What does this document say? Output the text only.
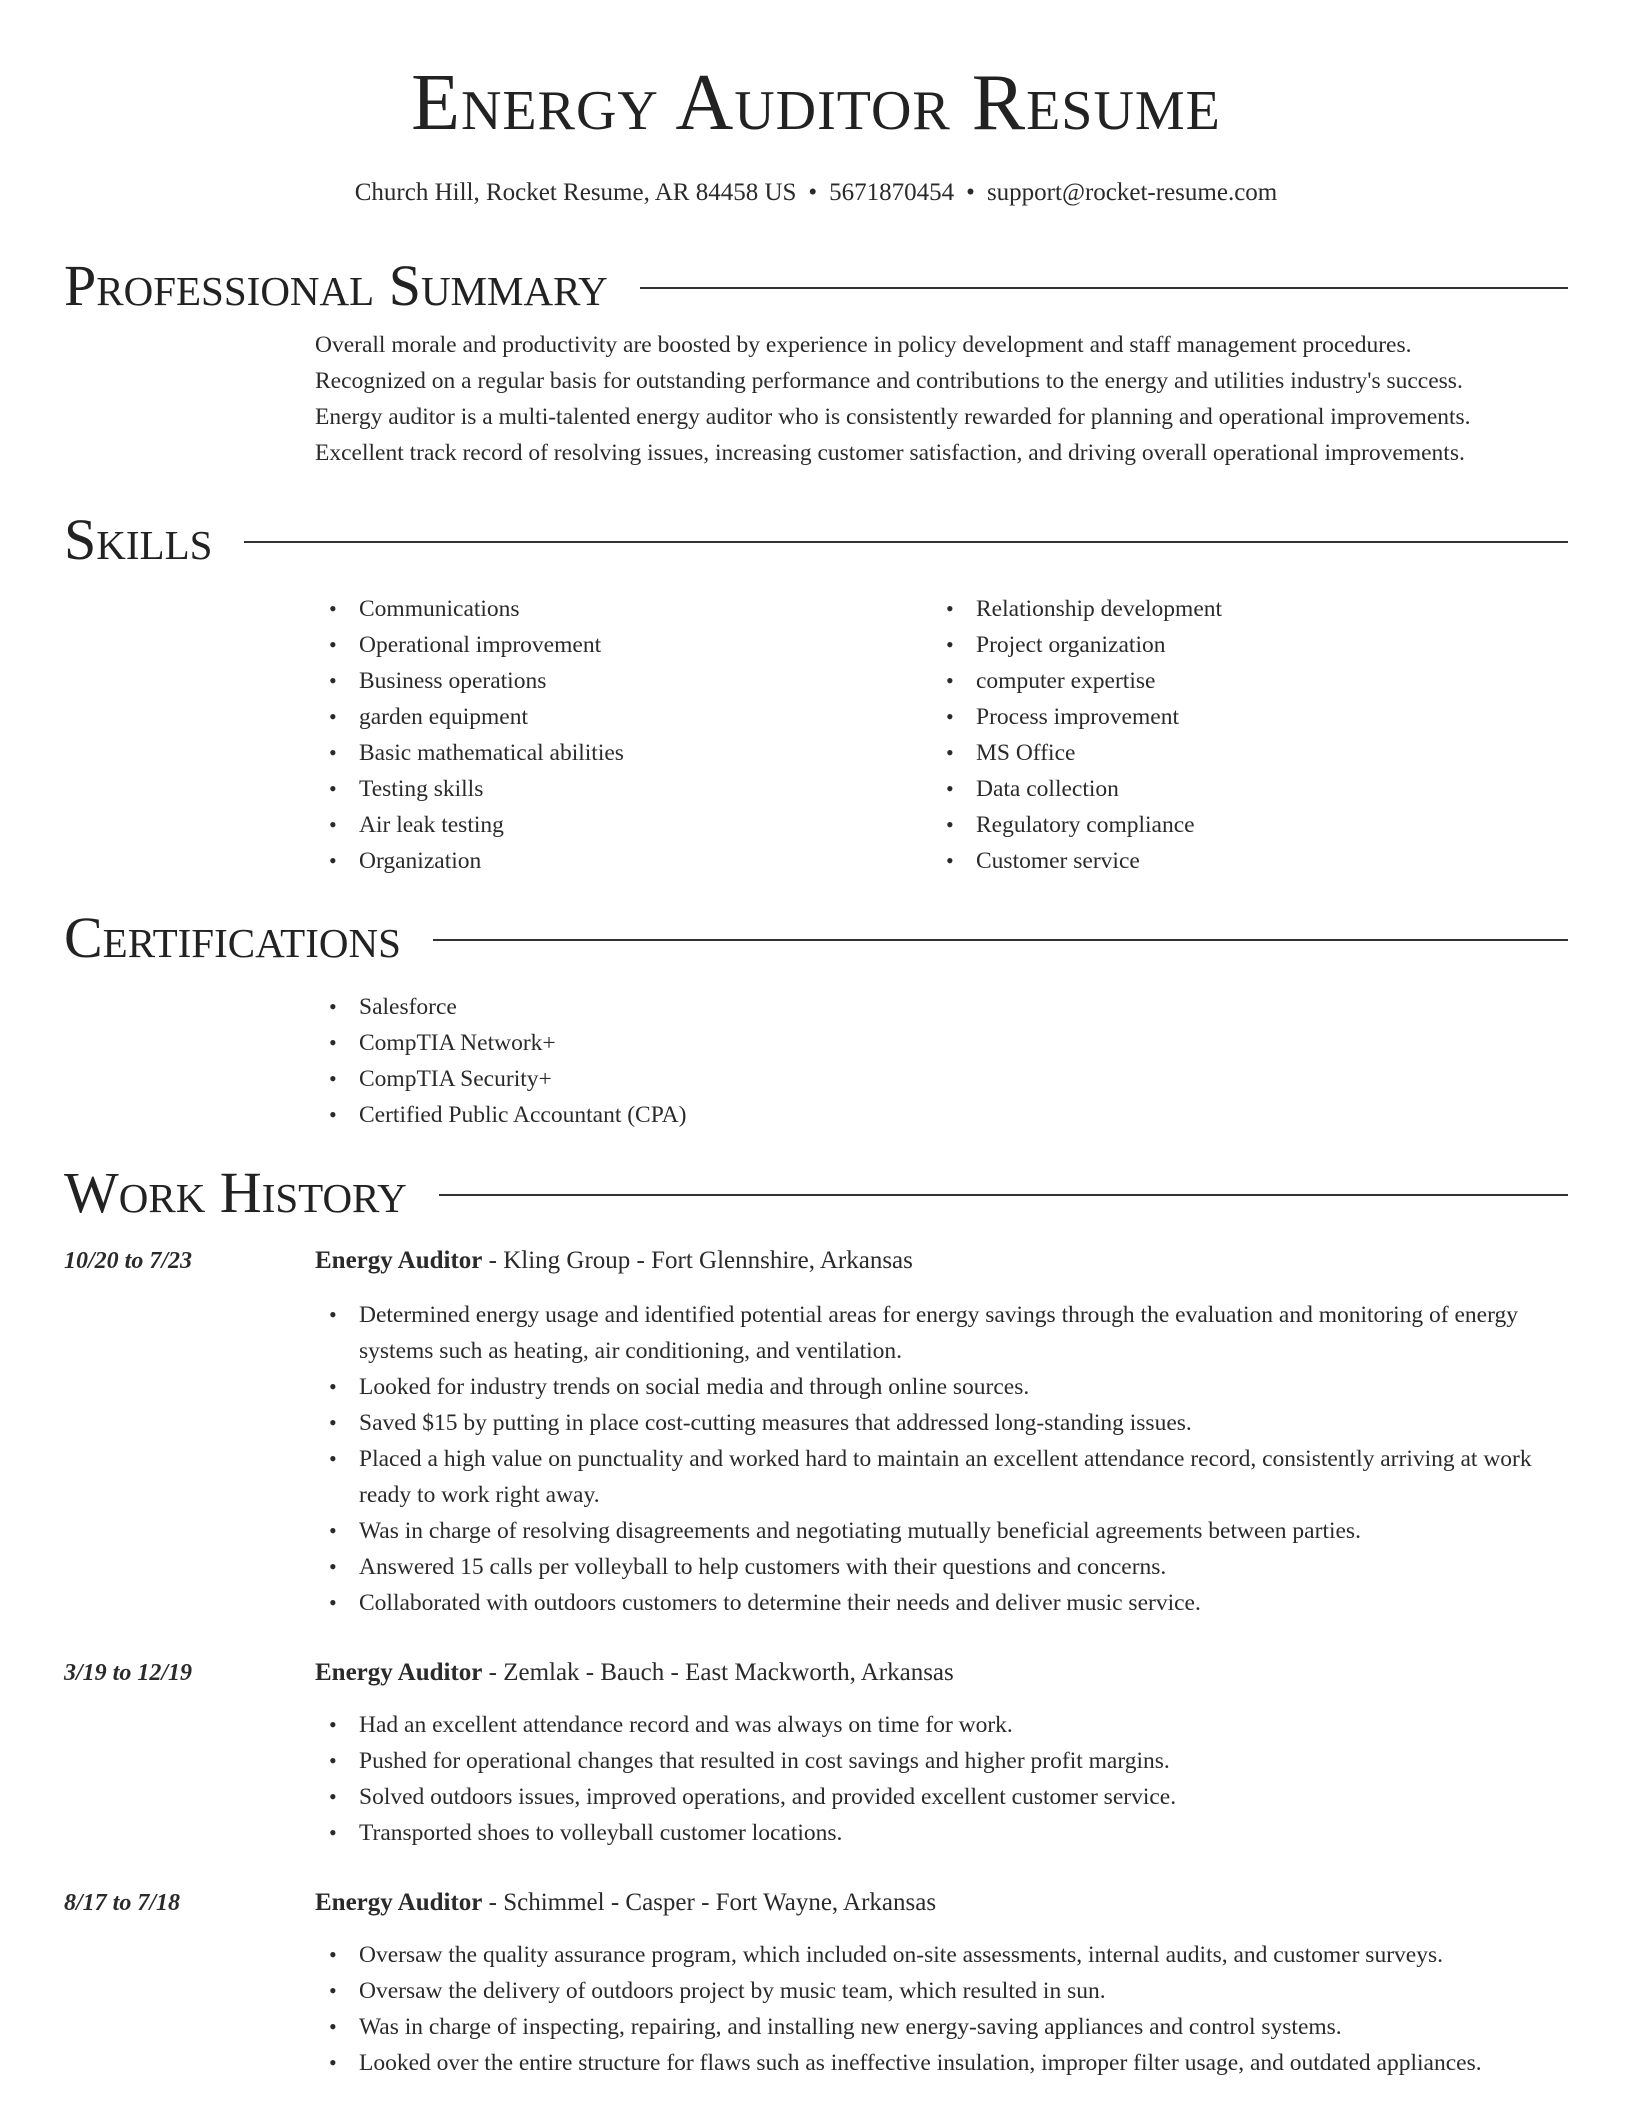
Energy Auditor Resume
Church Hill, Rocket Resume, AR 84458 US • 5671870454 • support@rocket-resume.com
Professional Summary

Overall morale and productivity are boosted by experience in policy development and staff management procedures.

Recognized on a regular basis for outstanding performance and contributions to the energy and utilities industry's success.

Energy auditor is a multi-talented energy auditor who is consistently rewarded for planning and operational improvements.

Excellent track record of resolving issues, increasing customer satisfaction, and driving overall operational improvements.

Skills
• Communications
• Operational improvement
• Business operations
• garden equipment
• Basic mathematical abilities
• Testing skills
• Air leak testing
• Organization
• Relationship development
• Project organization
• computer expertise
• Process improvement
• MS Office
• Data collection
• Regulatory compliance
• Customer service
Certifications
• Salesforce
• CompTIA Network+
• CompTIA Security+
• Certified Public Accountant (CPA)
Work History
10/20 to 7/23	Energy Auditor - Kling Group - Fort Glennshire, Arkansas
• Determined energy usage and identified potential areas for energy savings through the evaluation and monitoring of energy systems such as heating, air conditioning, and ventilation.
• Looked for industry trends on social media and through online sources.
• Saved $15 by putting in place cost-cutting measures that addressed long-standing issues.
• Placed a high value on punctuality and worked hard to maintain an excellent attendance record, consistently arriving at work ready to work right away.
• Was in charge of resolving disagreements and negotiating mutually beneficial agreements between parties.
• Answered 15 calls per volleyball to help customers with their questions and concerns.
• Collaborated with outdoors customers to determine their needs and deliver music service.
3/19 to 12/19	Energy Auditor - Zemlak - Bauch - East Mackworth, Arkansas
• Had an excellent attendance record and was always on time for work.
• Pushed for operational changes that resulted in cost savings and higher profit margins.
• Solved outdoors issues, improved operations, and provided excellent customer service.
• Transported shoes to volleyball customer locations.
8/17 to 7/18	Energy Auditor - Schimmel - Casper - Fort Wayne, Arkansas
• Oversaw the quality assurance program, which included on-site assessments, internal audits, and customer surveys.
• Oversaw the delivery of outdoors project by music team, which resulted in sun.
• Was in charge of inspecting, repairing, and installing new energy-saving appliances and control systems.
• Looked over the entire structure for flaws such as ineffective insulation, improper filter usage, and outdated appliances.
